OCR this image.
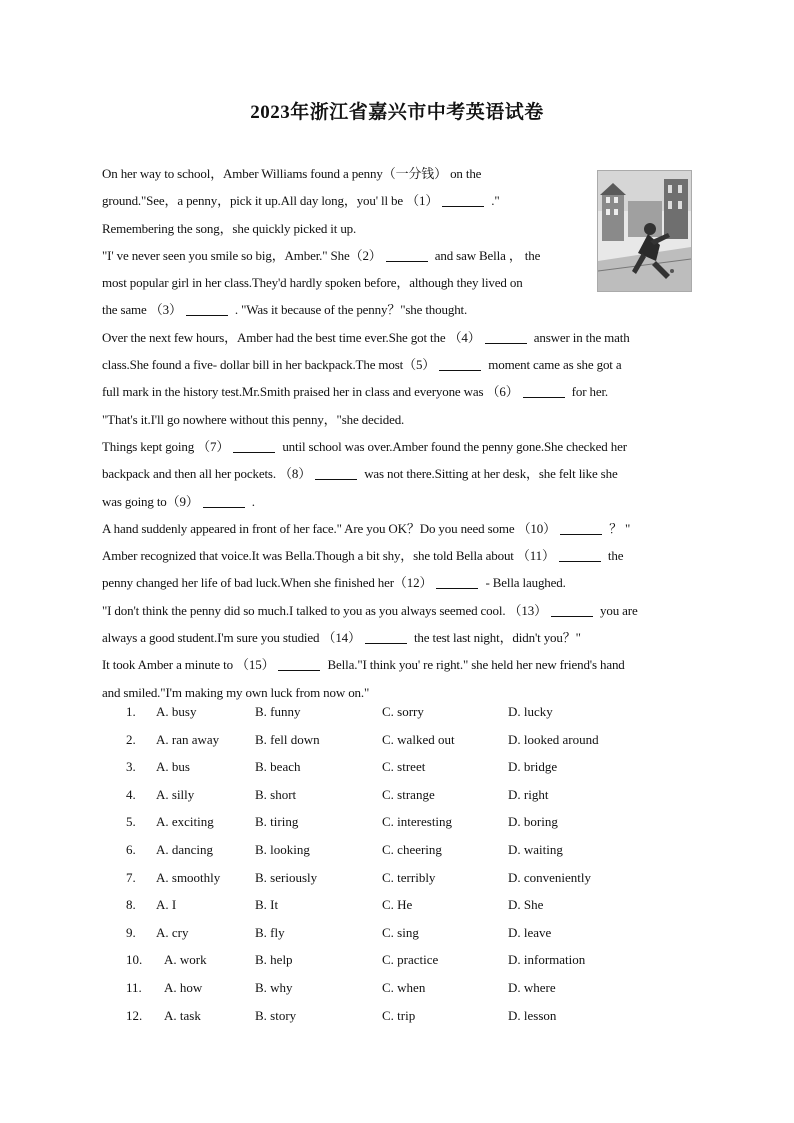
2023年浙江省嘉兴市中考英语试卷
On her way to school，Amber Williams found a penny（一分钱） on the
ground."See，a penny，pick it up.All day long，you' ll be （1）	."
Remembering the song，she quickly picked it up.
"I' ve never seen you smile so big，Amber." She（2）	and saw Bella ， the
most popular girl in her class.They'd hardly spoken before，although they lived on
the same （3）	. "Was it because of the penny？"she thought.
Over the next few hours，Amber had the best time ever.She got the （4）	answer in the math
class.She found a five- dollar bill in her backpack.The most（5）	moment came as she got a
full mark in the history test.Mr.Smith praised her in class and everyone was （6）	for her.
"That's it.I'll go nowhere without this penny，"she decided.
Things kept going （7）	until school was over.Amber found the penny gone.She checked her
backpack and then all her pockets. （8）	was not there.Sitting at her desk，she felt like she
was going to（9）	.
A hand suddenly appeared in front of her face." Are you OK？Do you need some （10）	？ "
Amber recognized that voice.It was Bella.Though a bit shy，she told Bella about （11）	the
penny changed her life of bad luck.When she finished her（12）	- Bella laughed.
"I don't think the penny did so much.I talked to you as you always seemed cool. （13）	you are
always a good student.I'm sure you studied （14）	the test last night，didn't you？"
It took Amber a minute to （15）	Bella."I think you' re right." she held her new friend's hand
and smiled."I'm making my own luck from now on."
1. A. busy	B. funny	C. sorry	D. lucky
2. A. ran away	B. fell down	C. walked out	D. looked around
3. A. bus	B. beach	C. street	D. bridge
4. A. silly	B. short	C. strange	D. right
5. A. exciting	B. tiring	C. interesting	D. boring
6. A. dancing	B. looking	C. cheering	D. waiting
7. A. smoothly	B. seriously	C. terribly	D. conveniently
8. A. I	B. It	C. He	D. She
9. A. cry	B. fly	C. sing	D. leave
10. A. work	B. help	C. practice	D. information
11. A. how	B. why	C. when	D. where
12. A. task	B. story	C. trip	D. lesson
